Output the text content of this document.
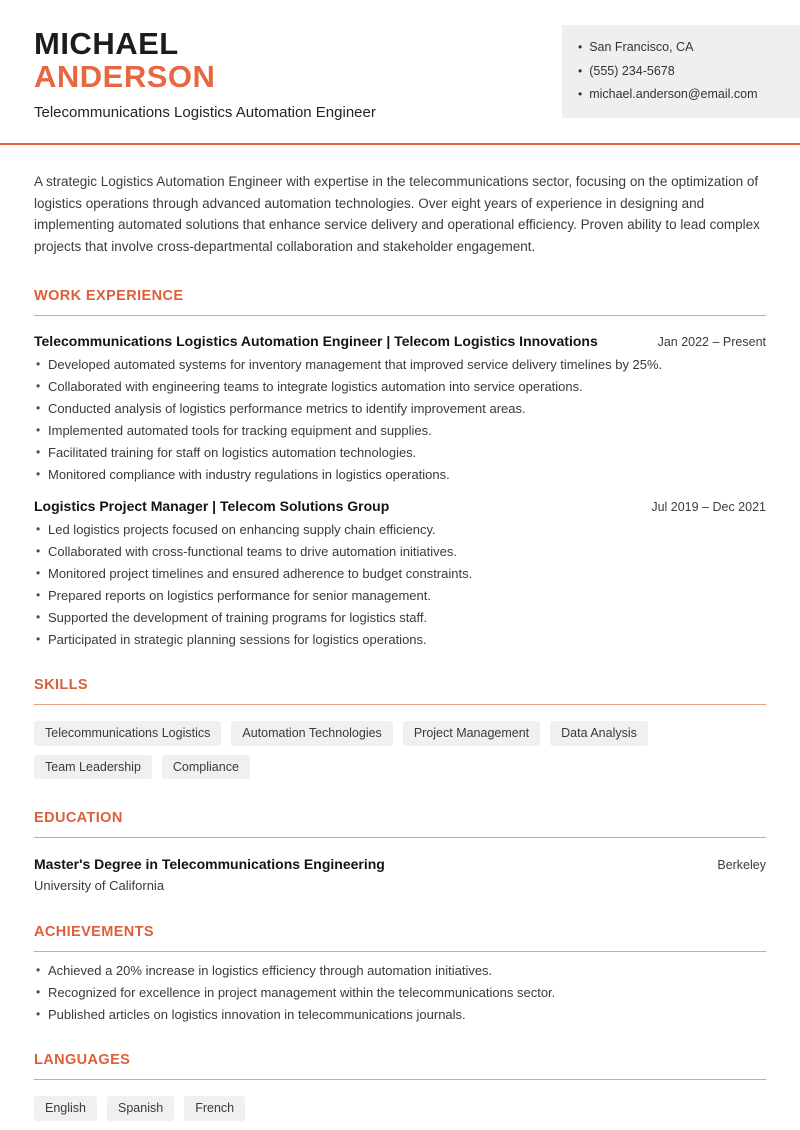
MICHAEL
ANDERSON
Telecommunications Logistics Automation Engineer
• San Francisco, CA
• (555) 234-5678
• michael.anderson@email.com

A strategic Logistics Automation Engineer with expertise in the telecommunications sector, focusing on the optimization of logistics operations through advanced automation technologies. Over eight years of experience in designing and implementing automated solutions that enhance service delivery and operational efficiency. Proven ability to lead complex projects that involve cross-departmental collaboration and stakeholder engagement.

WORK EXPERIENCE
Telecommunications Logistics Automation Engineer | Telecom Logistics Innovations	Jan 2022 – Present
• Developed automated systems for inventory management that improved service delivery timelines by 25%.
• Collaborated with engineering teams to integrate logistics automation into service operations.
• Conducted analysis of logistics performance metrics to identify improvement areas.
• Implemented automated tools for tracking equipment and supplies.
• Facilitated training for staff on logistics automation technologies.
• Monitored compliance with industry regulations in logistics operations.
Logistics Project Manager | Telecom Solutions Group	Jul 2019 – Dec 2021
• Led logistics projects focused on enhancing supply chain efficiency.
• Collaborated with cross-functional teams to drive automation initiatives.
• Monitored project timelines and ensured adherence to budget constraints.
• Prepared reports on logistics performance for senior management.
• Supported the development of training programs for logistics staff.
• Participated in strategic planning sessions for logistics operations.
SKILLS
Telecommunications Logistics	Automation Technologies	Project Management	Data Analysis
Team Leadership	Compliance
EDUCATION
Master's Degree in Telecommunications Engineering	Berkeley
University of California
ACHIEVEMENTS
• Achieved a 20% increase in logistics efficiency through automation initiatives.
• Recognized for excellence in project management within the telecommunications sector.
• Published articles on logistics innovation in telecommunications journals.
LANGUAGES
English	Spanish	French
